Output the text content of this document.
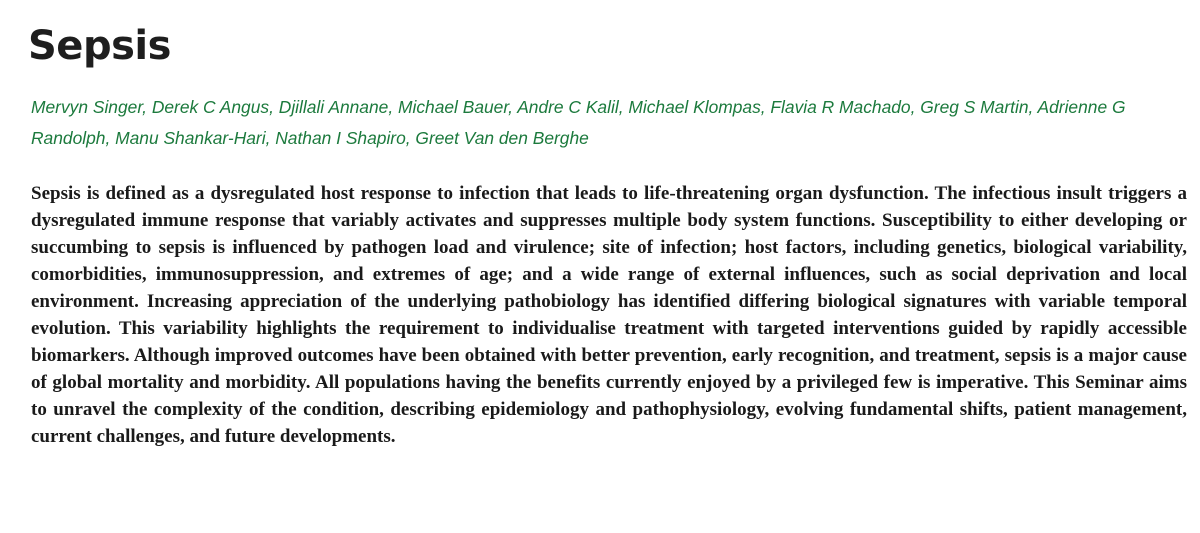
Sepsis

Mervyn Singer, Derek C Angus, Djillali Annane, Michael Bauer, Andre C Kalil, Michael Klompas, Flavia R Machado, Greg S Martin, Adrienne G Randolph, Manu Shankar-Hari, Nathan I Shapiro, Greet Van den Berghe

Sepsis is defined as a dysregulated host response to infection that leads to life-threatening organ dysfunction. The infectious insult triggers a dysregulated immune response that variably activates and suppresses multiple body system functions. Susceptibility to either developing or succumbing to sepsis is influenced by pathogen load and virulence; site of infection; host factors, including genetics, biological variability, comorbidities, immunosuppression, and extremes of age; and a wide range of external influences, such as social deprivation and local environment. Increasing appreciation of the underlying pathobiology has identified differing biological signatures with variable temporal evolution. This variability highlights the requirement to individualise treatment with targeted interventions guided by rapidly accessible biomarkers. Although improved outcomes have been obtained with better prevention, early recognition, and treatment, sepsis is a major cause of global mortality and morbidity. All populations having the benefits currently enjoyed by a privileged few is imperative. This Seminar aims to unravel the complexity of the condition, describing epidemiology and pathophysiology, evolving fundamental shifts, patient management, current challenges, and future developments.
